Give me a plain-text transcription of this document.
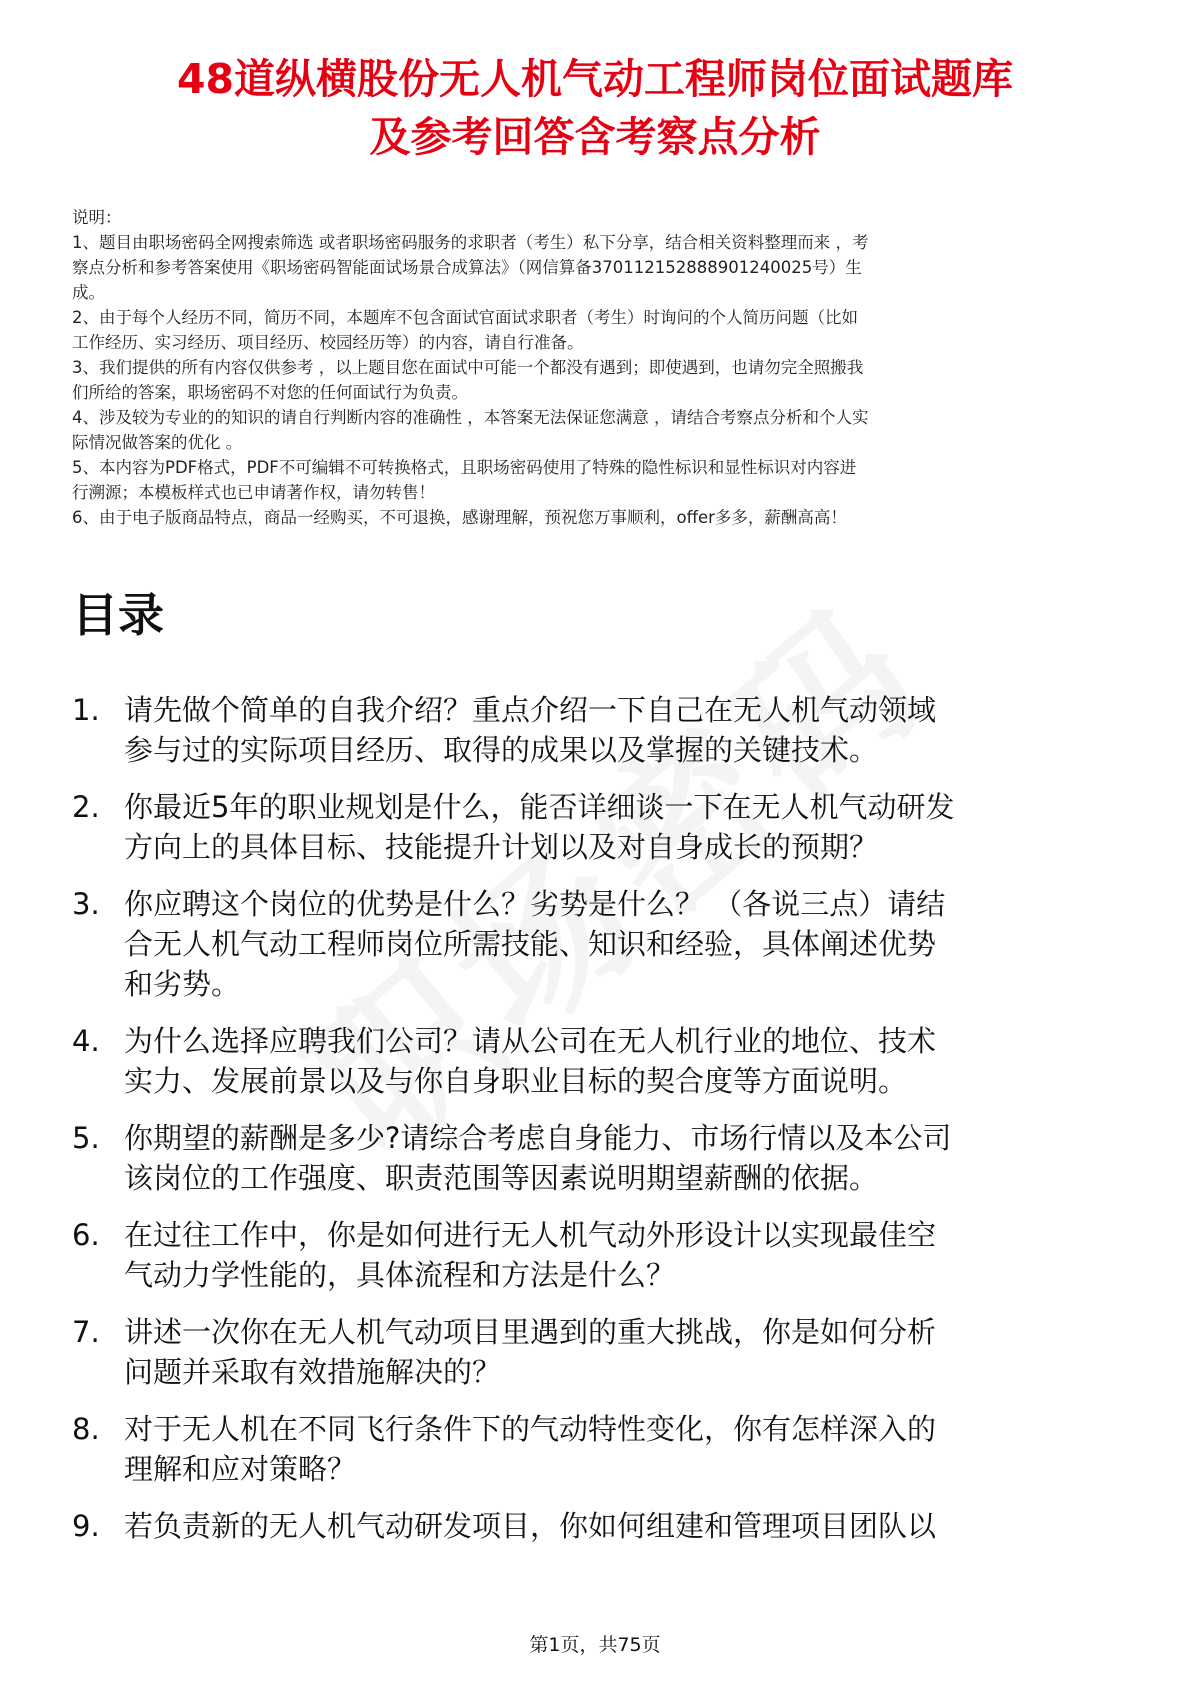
48道纵横股份无人机气动工程师岗位面试题库
及参考回答含考察点分析

说明：

1、题目由职场密码全网搜索筛选 或者职场密码服务的求职者（考生）私下分享，结合相关资料整理而来 ，考

察点分析和参考答案使用《职场密码智能面试场景合成算法》（网信算备370112152888901240025号）生

成。

2、由于每个人经历不同，简历不同，本题库不包含面试官面试求职者（考生）时询问的个人简历问题（比如

工作经历、实习经历、项目经历、校园经历等）的内容，请自行准备。

3、我们提供的所有内容仅供参考 ，以上题目您在面试中可能一个都没有遇到；即使遇到，也请勿完全照搬我

们所给的答案，职场密码不对您的任何面试行为负责。

4、涉及较为专业的的知识的请自行判断内容的准确性 ，本答案无法保证您满意 ，请结合考察点分析和个人实

际情况做答案的优化 。

5、本内容为PDF格式，PDF不可编辑不可转换格式，且职场密码使用了特殊的隐性标识和显性标识对内容进

行溯源；本模板样式也已申请著作权，请勿转售！

6、由于电子版商品特点，商品一经购买，不可退换，感谢理解，预祝您万事顺利，offer多多，薪酬高高！

目录
1. 请先做个简单的自我介绍？重点介绍一下自己在无人机气动领域
参与过的实际项目经历、取得的成果以及掌握的关键技术。
2. 你最近5年的职业规划是什么，能否详细谈一下在无人机气动研发
方向上的具体目标、技能提升计划以及对自身成长的预期？
3. 你应聘这个岗位的优势是什么？劣势是什么？ （各说三点）请结
合无人机气动工程师岗位所需技能、知识和经验，具体阐述优势
和劣势。
4. 为什么选择应聘我们公司？请从公司在无人机行业的地位、技术
实力、发展前景以及与你自身职业目标的契合度等方面说明。
5. 你期望的薪酬是多少?请综合考虑自身能力、市场行情以及本公司
该岗位的工作强度、职责范围等因素说明期望薪酬的依据。
6. 在过往工作中，你是如何进行无人机气动外形设计以实现最佳空
气动力学性能的，具体流程和方法是什么？
7. 讲述一次你在无人机气动项目里遇到的重大挑战，你是如何分析
问题并采取有效措施解决的？
8. 对于无人机在不同飞行条件下的气动特性变化，你有怎样深入的
理解和应对策略？
9. 若负责新的无人机气动研发项目，你如何组建和管理项目团队以
第1页，共75页
